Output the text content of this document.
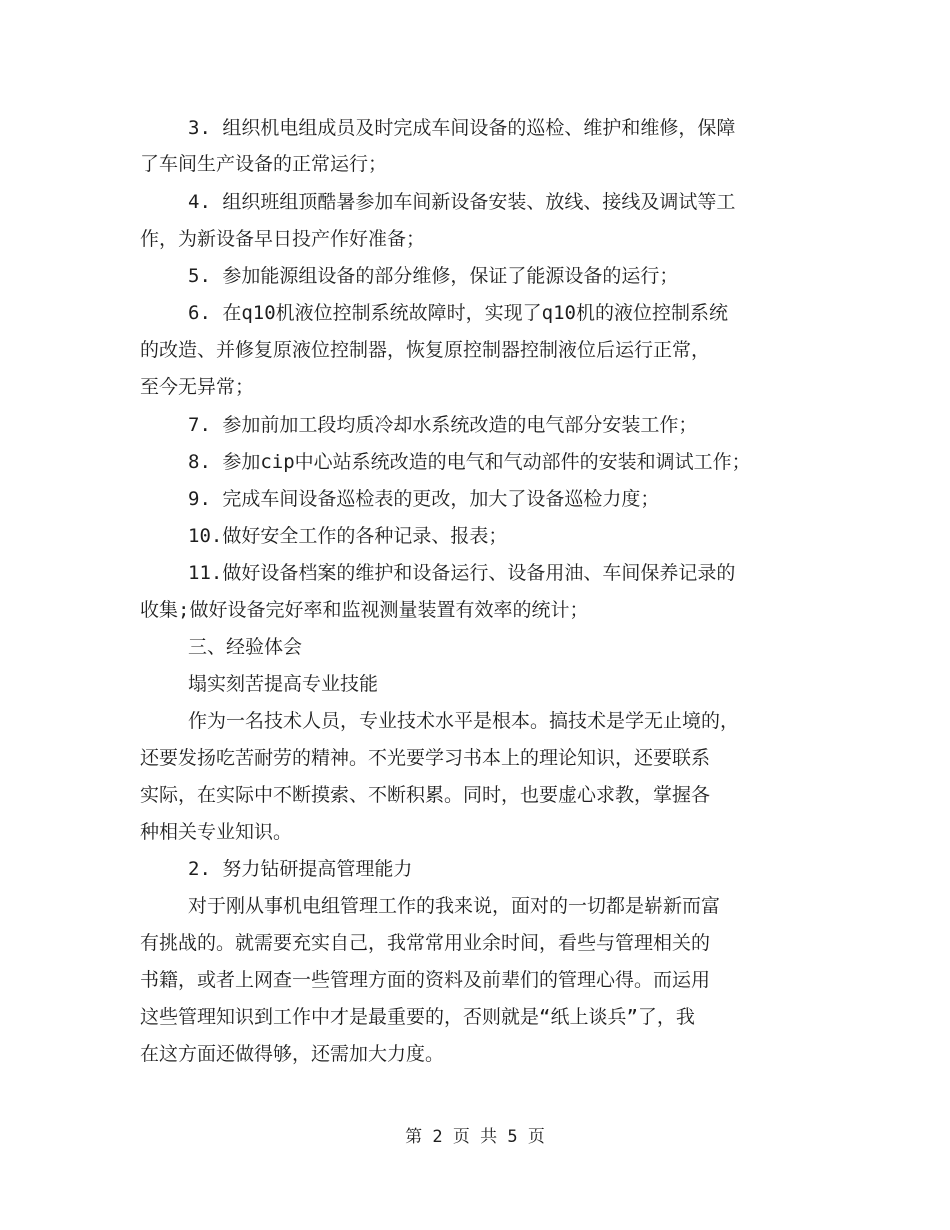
3. 组织机电组成员及时完成车间设备的巡检、维护和维修，保障
了车间生产设备的正常运行；
4. 组织班组顶酷暑参加车间新设备安装、放线、接线及调试等工
作，为新设备早日投产作好准备；
5. 参加能源组设备的部分维修，保证了能源设备的运行；
6. 在q10机液位控制系统故障时，实现了q10机的液位控制系统
的改造、并修复原液位控制器，恢复原控制器控制液位后运行正常，
至今无异常；
7. 参加前加工段均质冷却水系统改造的电气部分安装工作；
8. 参加cip中心站系统改造的电气和气动部件的安装和调试工作；
9. 完成车间设备巡检表的更改，加大了设备巡检力度；
10.做好安全工作的各种记录、报表；
11.做好设备档案的维护和设备运行、设备用油、车间保养记录的
收集;做好设备完好率和监视测量装置有效率的统计；
三、经验体会
塌实刻苦提高专业技能
作为一名技术人员，专业技术水平是根本。搞技术是学无止境的，
还要发扬吃苦耐劳的精神。不光要学习书本上的理论知识，还要联系
实际，在实际中不断摸索、不断积累。同时，也要虚心求教，掌握各
种相关专业知识。
2. 努力钻研提高管理能力
对于刚从事机电组管理工作的我来说，面对的一切都是崭新而富
有挑战的。就需要充实自己，我常常用业余时间，看些与管理相关的
书籍，或者上网查一些管理方面的资料及前辈们的管理心得。而运用
这些管理知识到工作中才是最重要的，否则就是“纸上谈兵”了，我
在这方面还做得够，还需加大力度。
第 2 页 共 5 页
